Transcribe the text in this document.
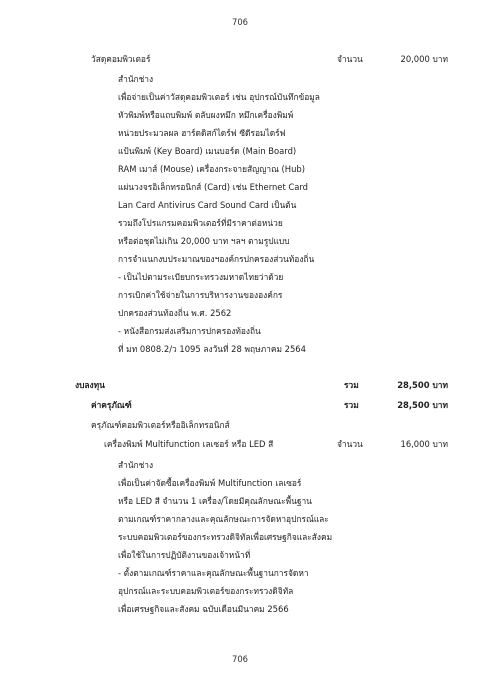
706
706
วัสดุคอมพิวเตอร์	จำนวน	20,000 บาท
สำนักช่าง
เพื่อจ่ายเป็นค่าวัสดุคอมพิวเตอร์ เช่น อุปกรณ์บันทึกข้อมูล
หัวพิมพ์หรือแถบพิมพ์ ตลับผงหมึก หมึกเครื่องพิมพ์
หน่วยประมวลผล ฮาร์ดดิสก์ไดร์ฟ ซีดีรอมไดร์ฟ
แป้นพิมพ์ (Key Board) เมนบอร์ด (Main Board)
RAM เมาส์ (Mouse) เครื่องกระจายสัญญาณ (Hub)
แผ่นวงจรอิเล็กทรอนิกส์ (Card) เช่น Ethernet Card
Lan Card Antivirus Card Sound Card เป็นต้น
รวมถึงโปรแกรมคอมพิวเตอร์ที่มีราคาต่อหน่วย
หรือต่อชุดไม่เกิน 20,000 บาท ฯลฯ ตามรูปแบบ
การจำแนกงบประมาณของฯองค์กรปกครองส่วนท้องถิ่น
- เป็นไปตามระเบียบกระทรวงมหาดไทยว่าด้วย
การเบิกค่าใช้จ่ายในการบริหารงานขององค์กร
ปกครองส่วนท้องถิ่น พ.ศ. 2562
- หนังสือกรมส่งเสริมการปกครองท้องถิ่น
ที่ มท 0808.2/ว 1095 ลงวันที่ 28 พฤษภาคม 2564
งบลงทุน	รวม	28,500 บาท
ค่าครุภัณฑ์	รวม	28,500 บาท
ครุภัณฑ์คอมพิวเตอร์หรืออิเล็กทรอนิกส์
เครื่องพิมพ์ Multifunction เลเซอร์ หรือ LED สี	จำนวน	16,000 บาท
สำนักช่าง
เพื่อเป็นค่าจัดซื้อเครื่องพิมพ์ Multifunction เลเซอร์
หรือ LED สี จำนวน 1 เครื่อง/โดยมีคุณลักษณะพื้นฐาน
ตามเกณฑ์ราคากลางและคุณลักษณะการจัดหาอุปกรณ์และ
ระบบคอมพิวเตอร์ของกระทรวงดิจิทัลเพื่อเศรษฐกิจและสังคม
เพื่อใช้ในการปฏิบัติงานของเจ้าหน้าที่
- ตั้งตามเกณฑ์ราคาและคุณลักษณะพื้นฐานการจัดหา
อุปกรณ์และระบบคอมพิวเตอร์ของกระทรวงดิจิทัล
เพื่อเศรษฐกิจและสังคม ฉบับเดือนมีนาคม 2566
